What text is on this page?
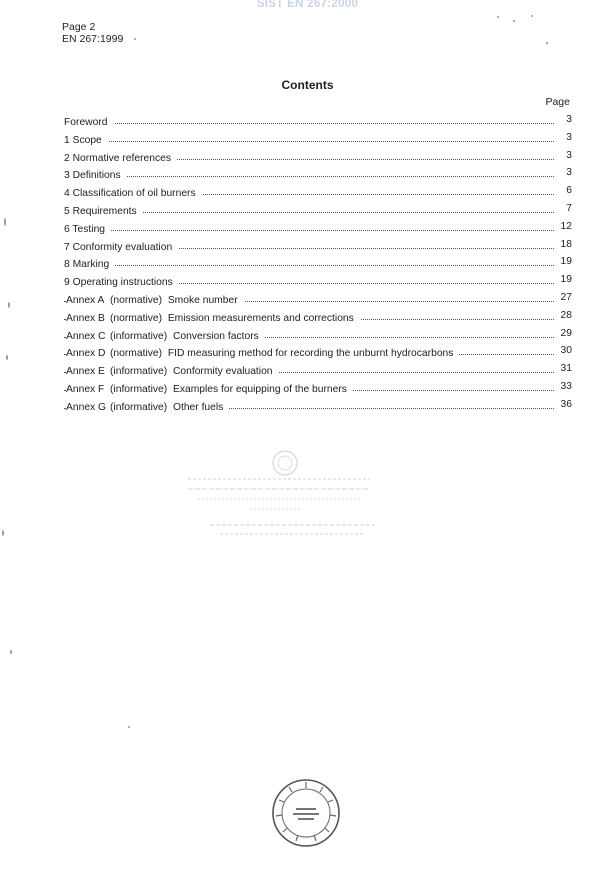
SIST EN 267:2000
Page 2
EN 267:1999
Contents
Page
Foreword	3
1 Scope	3
2 Normative references	3
3 Definitions	3
4 Classification of oil burners	6
5 Requirements	7
6 Testing	12
7 Conformity evaluation	18
8 Marking	19
9 Operating instructions	19
Annex A (normative) Smoke number	27
Annex B (normative) Emission measurements and corrections	28
Annex C (informative) Conversion factors	29
Annex D (normative) FID measuring method for recording the unburnt hydrocarbons	30
Annex E (informative) Conformity evaluation	31
Annex F (informative) Examples for equipping of the burners	33
Annex G (informative) Other fuels	36
